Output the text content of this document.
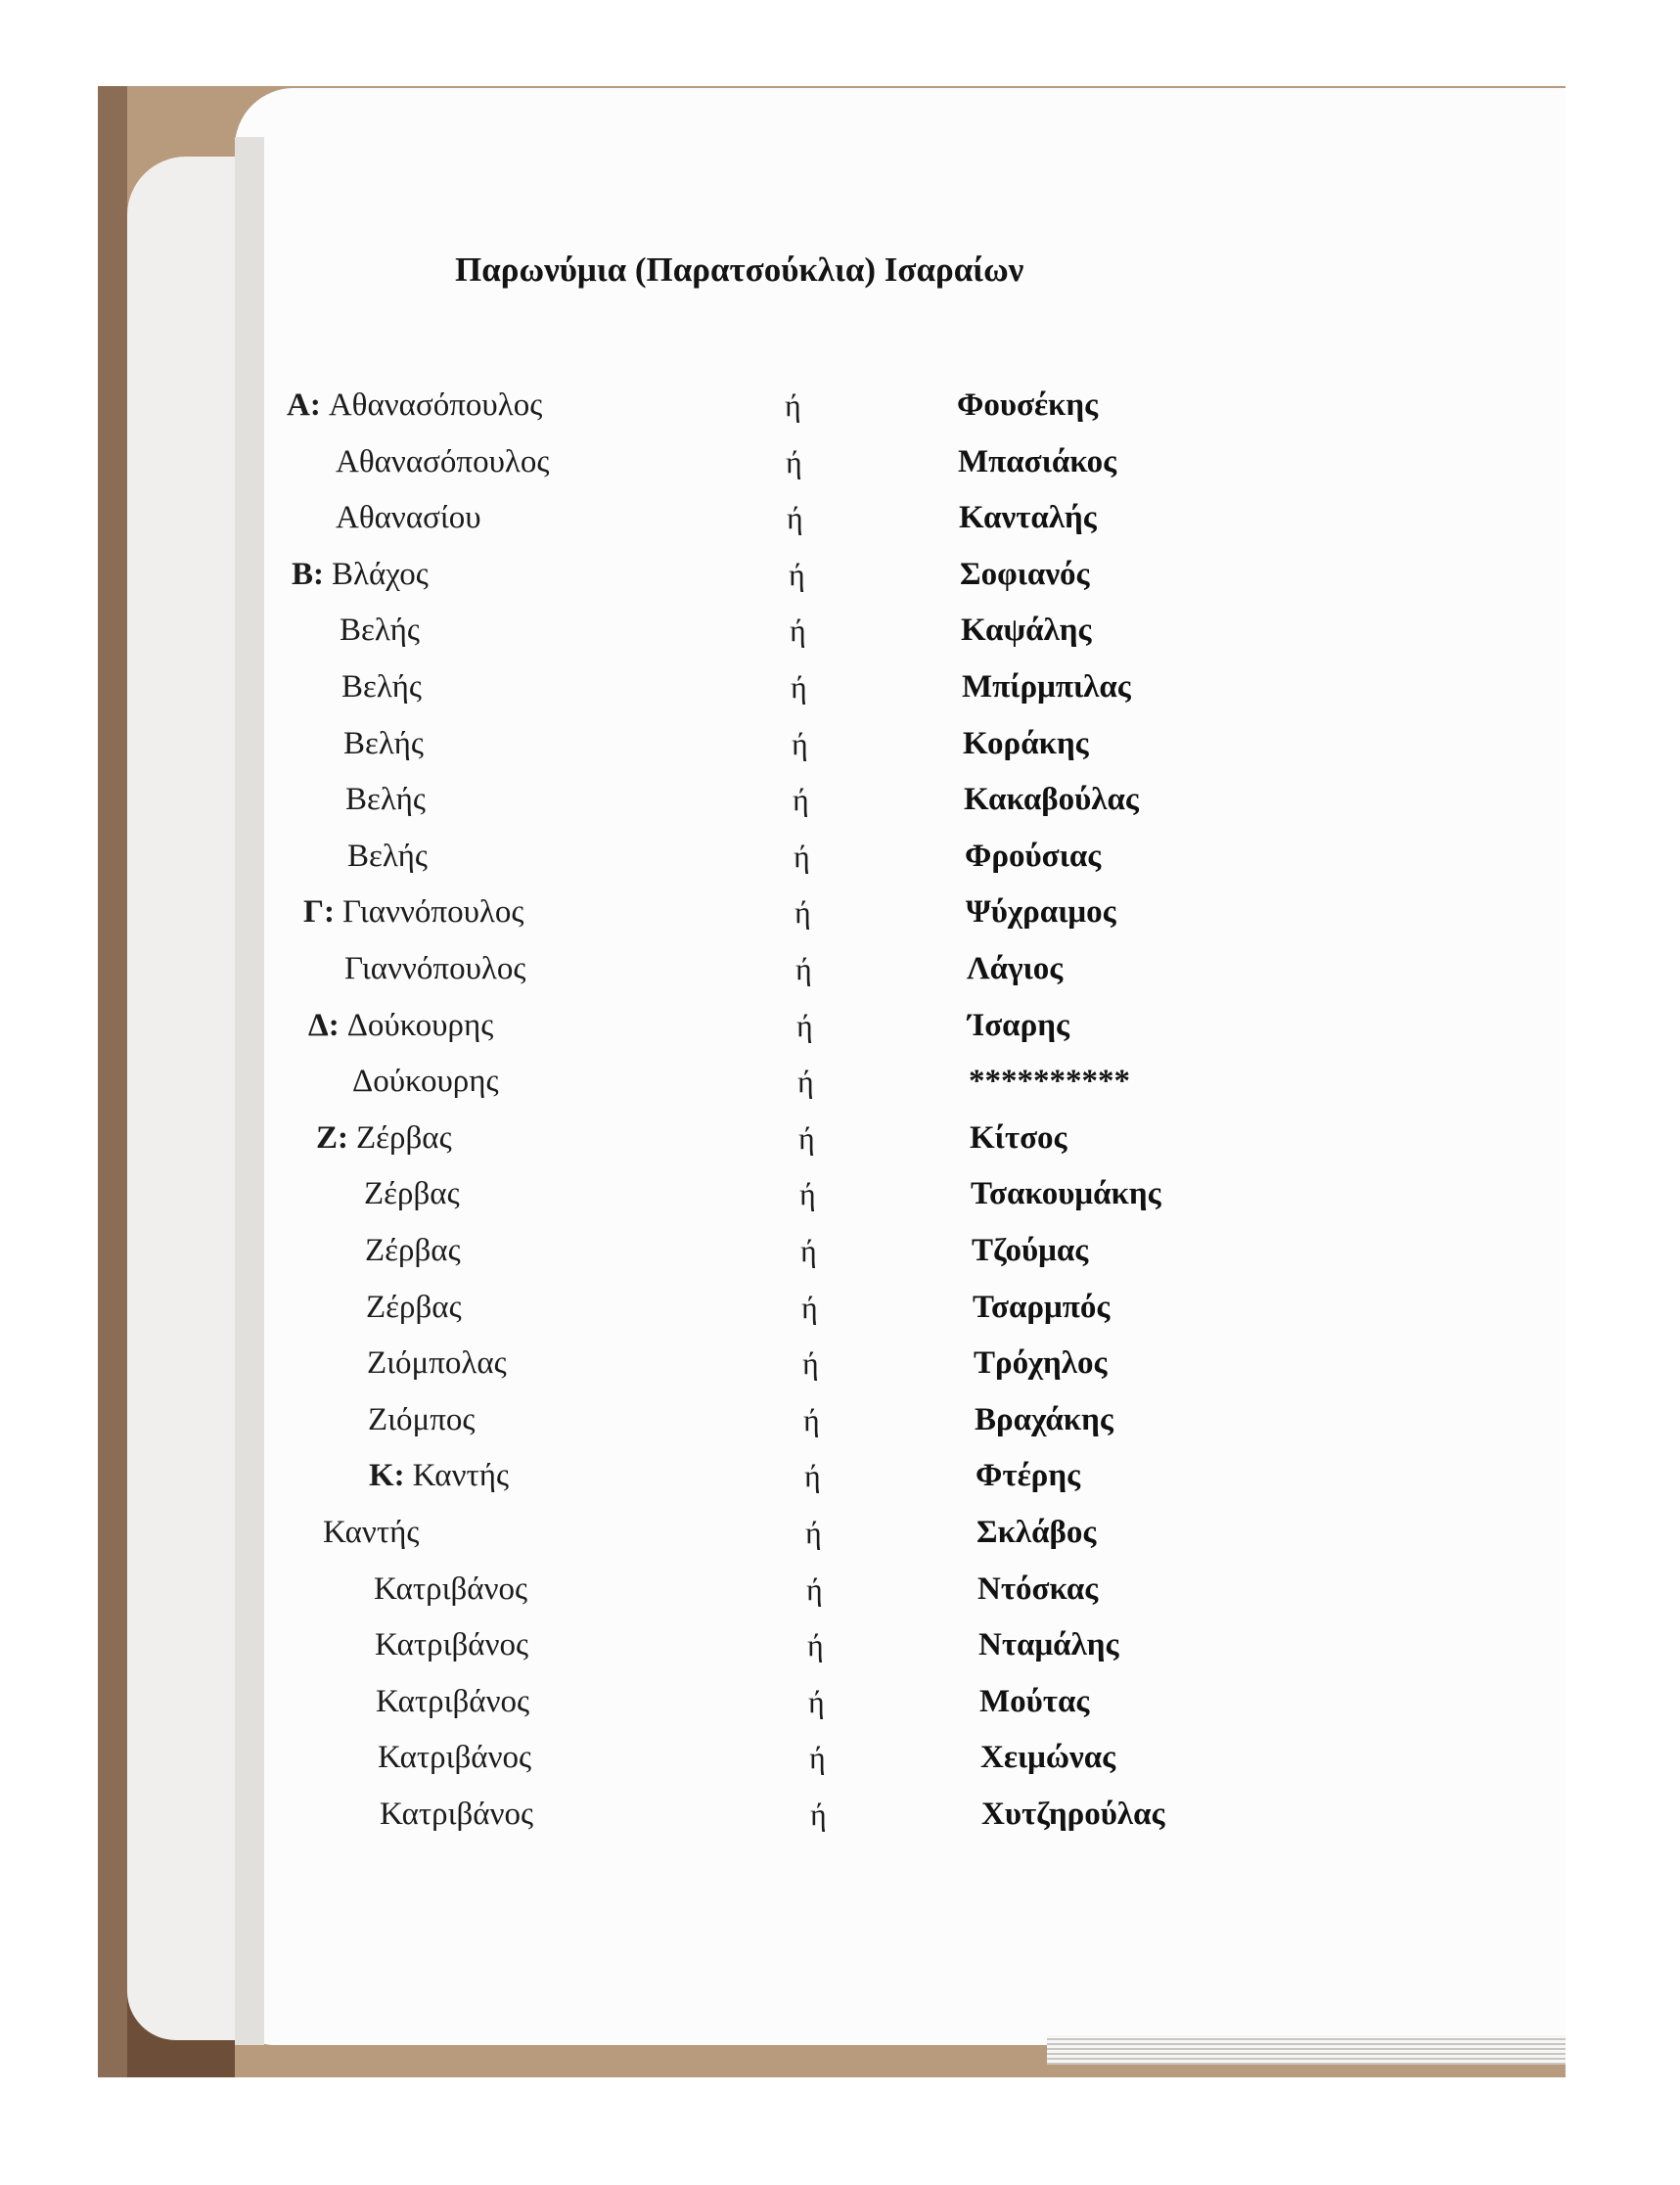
Παρωνύμια (Παρατσούκλια) Ισαραίων
Α: Αθανασόπουλος	ή	Φουσέκης
Αθανασόπουλος	ή	Μπασιάκος
Αθανασίου	ή	Κανταλής
Β: Βλάχος	ή	Σοφιανός
Βελής	ή	Καψάλης
Βελής	ή	Μπίρμπιλας
Βελής	ή	Κοράκης
Βελής	ή	Κακαβούλας
Βελής	ή	Φρούσιας
Γ: Γιαννόπουλος	ή	Ψύχραιμος
Γιαννόπουλος	ή	Λάγιος
Δ: Δούκουρης	ή	Ίσαρης
Δούκουρης	ή	**********
Ζ: Ζέρβας	ή	Κίτσος
Ζέρβας	ή	Τσακουμάκης
Ζέρβας	ή	Τζούμας
Ζέρβας	ή	Τσαρμπός
Ζιόμπολας	ή	Τρόχηλος
Ζιόμπος	ή	Βραχάκης
Κ: Καντής	ή	Φτέρης
Καντής	ή	Σκλάβος
Κατριβάνος	ή	Ντόσκας
Κατριβάνος	ή	Νταμάλης
Κατριβάνος	ή	Μούτας
Κατριβάνος	ή	Χειμώνας
Κατριβάνος	ή	Χυτζηρούλας
